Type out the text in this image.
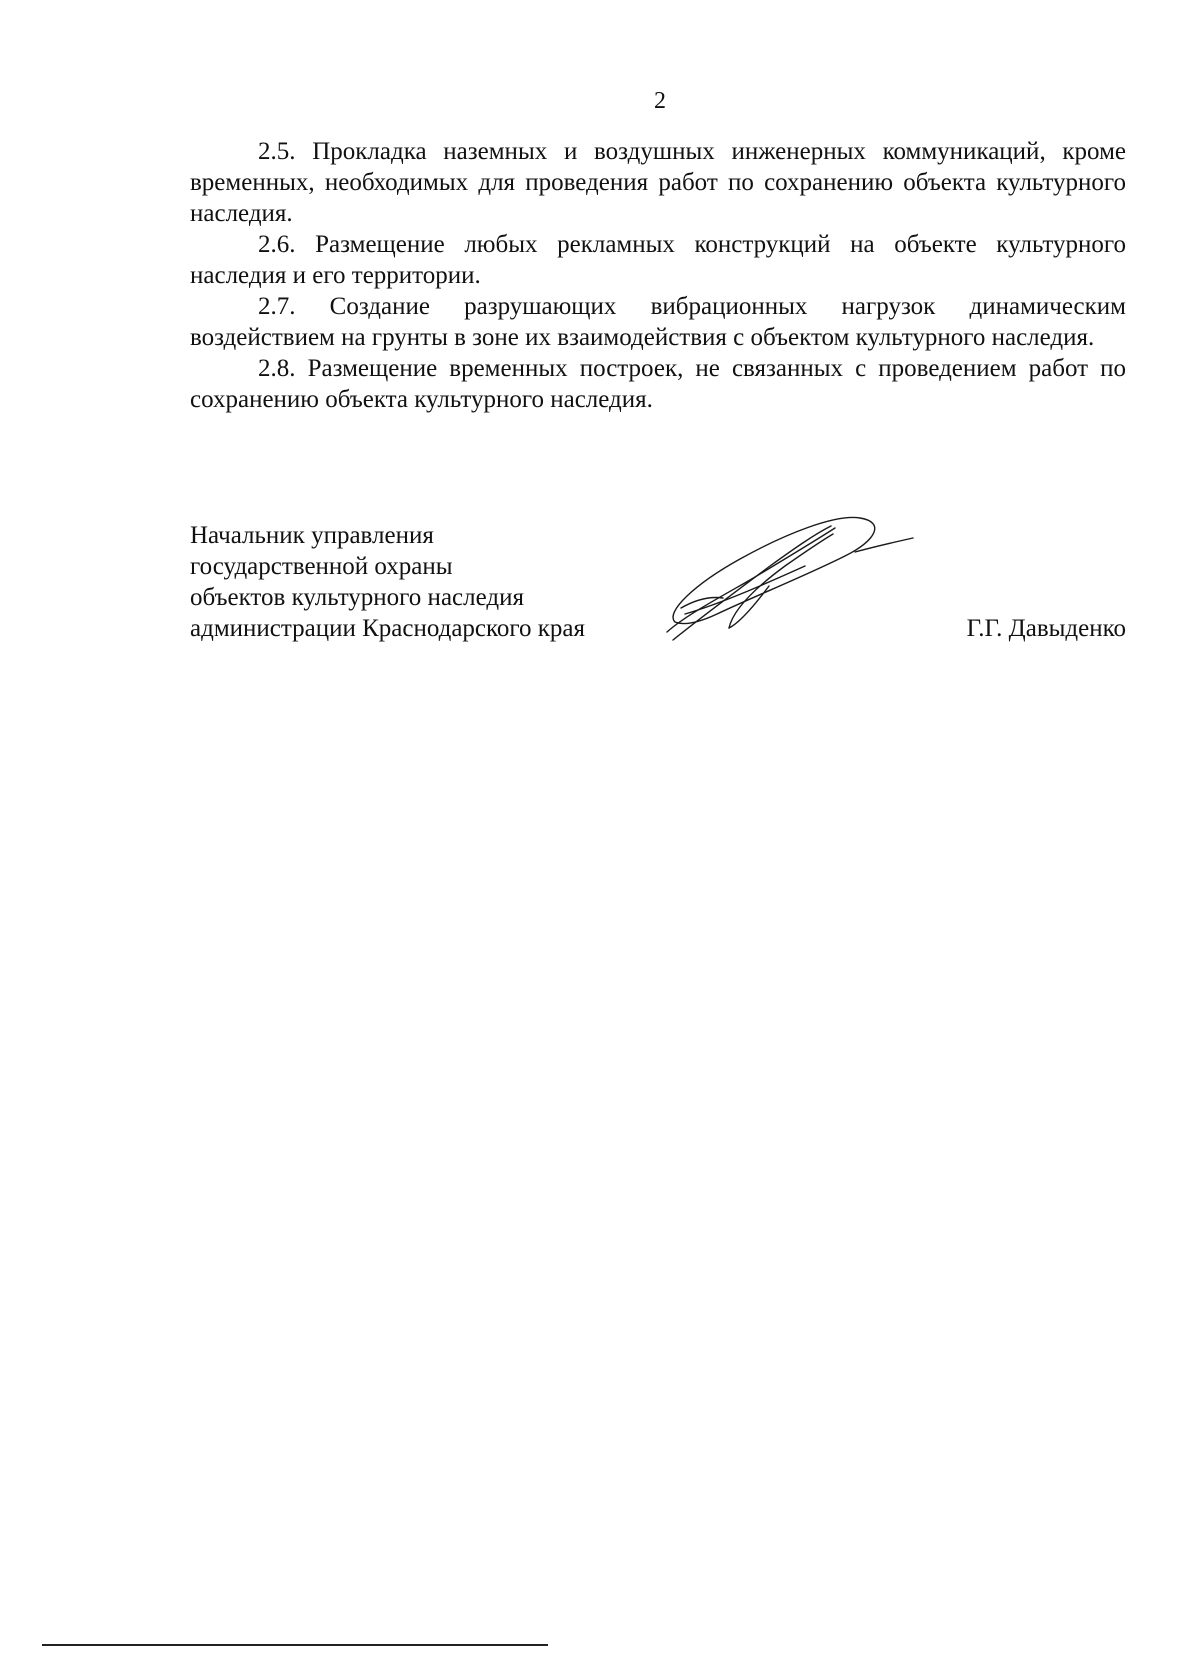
2

2.5. Прокладка наземных и воздушных инженерных коммуникаций, кроме временных, необходимых для проведения работ по сохранению объекта культурного наследия.

2.6. Размещение любых рекламных конструкций на объекте культурного наследия и его территории.

2.7. Создание разрушающих вибрационных нагрузок динамическим воздействием на грунты в зоне их взаимодействия с объектом культурного наследия.

2.8. Размещение временных построек, не связанных с проведением работ по сохранению объекта культурного наследия.

Начальник управления
государственной охраны
объектов культурного наследия
администрации Краснодарского края	Г.Г. Давыденко
